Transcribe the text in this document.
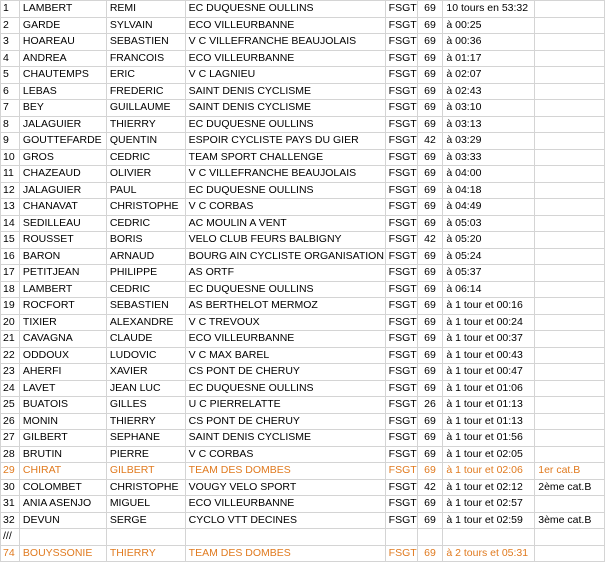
1	LAMBERT	REMI	EC DUQUESNE OULLINS	FSGT	69	10 tours en 53:32	
2	GARDE	SYLVAIN	ECO VILLEURBANNE	FSGT	69	à 00:25	
3	HOAREAU	SEBASTIEN	V C VILLEFRANCHE BEAUJOLAIS	FSGT	69	à 00:36	
4	ANDREA	FRANCOIS	ECO VILLEURBANNE	FSGT	69	à 01:17	
5	CHAUTEMPS	ERIC	V C LAGNIEU	FSGT	69	à 02:07	
6	LEBAS	FREDERIC	SAINT DENIS CYCLISME	FSGT	69	à 02:43	
7	BEY	GUILLAUME	SAINT DENIS CYCLISME	FSGT	69	à 03:10	
8	JALAGUIER	THIERRY	EC DUQUESNE OULLINS	FSGT	69	à 03:13	
9	GOUTTEFARDE	QUENTIN	ESPOIR CYCLISTE PAYS DU GIER	FSGT	42	à 03:29	
10	GROS	CEDRIC	TEAM SPORT CHALLENGE	FSGT	69	à 03:33	
11	CHAZEAUD	OLIVIER	V C VILLEFRANCHE BEAUJOLAIS	FSGT	69	à 04:00	
12	JALAGUIER	PAUL	EC DUQUESNE OULLINS	FSGT	69	à 04:18	
13	CHANAVAT	CHRISTOPHE	V C CORBAS	FSGT	69	à 04:49	
14	SEDILLEAU	CEDRIC	AC MOULIN A VENT	FSGT	69	à 05:03	
15	ROUSSET	BORIS	VELO CLUB FEURS BALBIGNY	FSGT	42	à 05:20	
16	BARON	ARNAUD	BOURG AIN CYCLISTE ORGANISATION	FSGT	69	à 05:24	
17	PETITJEAN	PHILIPPE	AS ORTF	FSGT	69	à 05:37	
18	LAMBERT	CEDRIC	EC DUQUESNE OULLINS	FSGT	69	à 06:14	
19	ROCFORT	SEBASTIEN	AS BERTHELOT MERMOZ	FSGT	69	à 1 tour et 00:16	
20	TIXIER	ALEXANDRE	V C TREVOUX	FSGT	69	à 1 tour et 00:24	
21	CAVAGNA	CLAUDE	ECO VILLEURBANNE	FSGT	69	à 1 tour et 00:37	
22	ODDOUX	LUDOVIC	V C MAX BAREL	FSGT	69	à 1 tour et 00:43	
23	AHERFI	XAVIER	CS PONT DE CHERUY	FSGT	69	à 1 tour et 00:47	
24	LAVET	JEAN LUC	EC DUQUESNE OULLINS	FSGT	69	à 1 tour et 01:06	
25	BUATOIS	GILLES	U C PIERRELATTE	FSGT	26	à 1 tour et 01:13	
26	MONIN	THIERRY	CS PONT DE CHERUY	FSGT	69	à 1 tour et 01:13	
27	GILBERT	SEPHANE	SAINT DENIS CYCLISME	FSGT	69	à 1 tour et 01:56	
28	BRUTIN	PIERRE	V C CORBAS	FSGT	69	à 1 tour et 02:05	
29	CHIRAT	GILBERT	TEAM DES DOMBES	FSGT	69	à 1 tour et 02:06	1er cat.B
30	COLOMBET	CHRISTOPHE	VOUGY VELO SPORT	FSGT	42	à 1 tour et 02:12	2ème cat.B
31	ANIA ASENJO	MIGUEL	ECO VILLEURBANNE	FSGT	69	à 1 tour et 02:57	
32	DEVUN	SERGE	CYCLO VTT DECINES	FSGT	69	à 1 tour et 02:59	3ème cat.B
///							
74	BOUYSSONIE	THIERRY	TEAM DES DOMBES	FSGT	69	à 2 tours et 05:31	
